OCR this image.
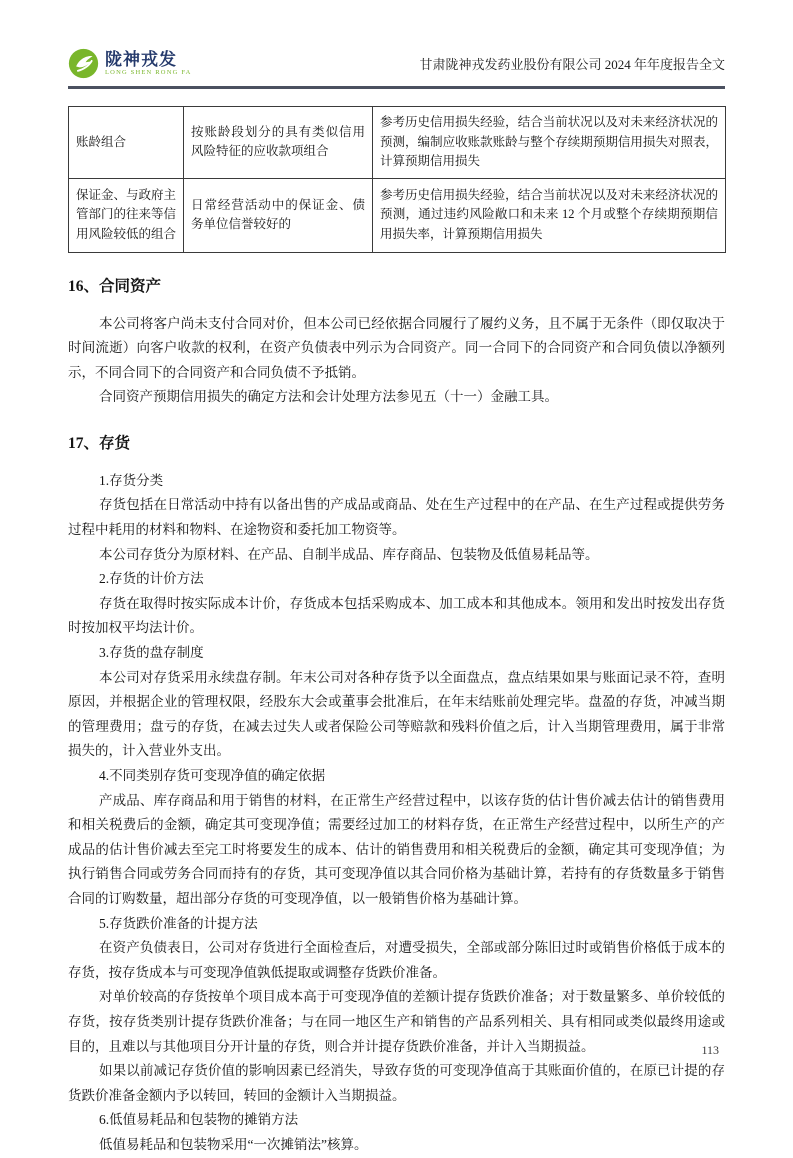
陇神戎发
LONG SHEN RONG FA
甘肃陇神戎发药业股份有限公司 2024 年年度报告全文
账龄组合	按账龄段划分的具有类似信用风险特征的应收款项组合	参考历史信用损失经验，结合当前状况以及对未来经济状况的预测，编制应收账款账龄与整个存续期预期信用损失对照表，计算预期信用损失
保证金、与政府主管部门的往来等信用风险较低的组合	日常经营活动中的保证金、债务单位信誉较好的	参考历史信用损失经验，结合当前状况以及对未来经济状况的预测，通过违约风险敞口和未来 12 个月或整个存续期预期信用损失率，计算预期信用损失
16、合同资产

本公司将客户尚未支付合同对价，但本公司已经依据合同履行了履约义务，且不属于无条件（即仅取决于时间流逝）向客户收款的权利，在资产负债表中列示为合同资产。同一合同下的合同资产和合同负债以净额列示，不同合同下的合同资产和合同负债不予抵销。

合同资产预期信用损失的确定方法和会计处理方法参见五（十一）金融工具。

17、存货

1.存货分类

存货包括在日常活动中持有以备出售的产成品或商品、处在生产过程中的在产品、在生产过程或提供劳务过程中耗用的材料和物料、在途物资和委托加工物资等。

本公司存货分为原材料、在产品、自制半成品、库存商品、包装物及低值易耗品等。

2.存货的计价方法

存货在取得时按实际成本计价，存货成本包括采购成本、加工成本和其他成本。领用和发出时按发出存货时按加权平均法计价。

3.存货的盘存制度

本公司对存货采用永续盘存制。年末公司对各种存货予以全面盘点，盘点结果如果与账面记录不符，查明原因，并根据企业的管理权限，经股东大会或董事会批准后，在年末结账前处理完毕。盘盈的存货，冲减当期的管理费用；盘亏的存货，在减去过失人或者保险公司等赔款和残料价值之后，计入当期管理费用，属于非常损失的，计入营业外支出。

4.不同类别存货可变现净值的确定依据

产成品、库存商品和用于销售的材料，在正常生产经营过程中，以该存货的估计售价减去估计的销售费用和相关税费后的金额，确定其可变现净值；需要经过加工的材料存货，在正常生产经营过程中，以所生产的产成品的估计售价减去至完工时将要发生的成本、估计的销售费用和相关税费后的金额，确定其可变现净值；为执行销售合同或劳务合同而持有的存货，其可变现净值以其合同价格为基础计算，若持有的存货数量多于销售合同的订购数量，超出部分存货的可变现净值，以一般销售价格为基础计算。

5.存货跌价准备的计提方法

在资产负债表日，公司对存货进行全面检查后，对遭受损失，全部或部分陈旧过时或销售价格低于成本的存货，按存货成本与可变现净值孰低提取或调整存货跌价准备。

对单价较高的存货按单个项目成本高于可变现净值的差额计提存货跌价准备；对于数量繁多、单价较低的存货，按存货类别计提存货跌价准备；与在同一地区生产和销售的产品系列相关、具有相同或类似最终用途或目的，且难以与其他项目分开计量的存货，则合并计提存货跌价准备，并计入当期损益。

如果以前减记存货价值的影响因素已经消失，导致存货的可变现净值高于其账面价值的，在原已计提的存货跌价准备金额内予以转回，转回的金额计入当期损益。

6.低值易耗品和包装物的摊销方法

低值易耗品和包装物采用“一次摊销法”核算。

113
